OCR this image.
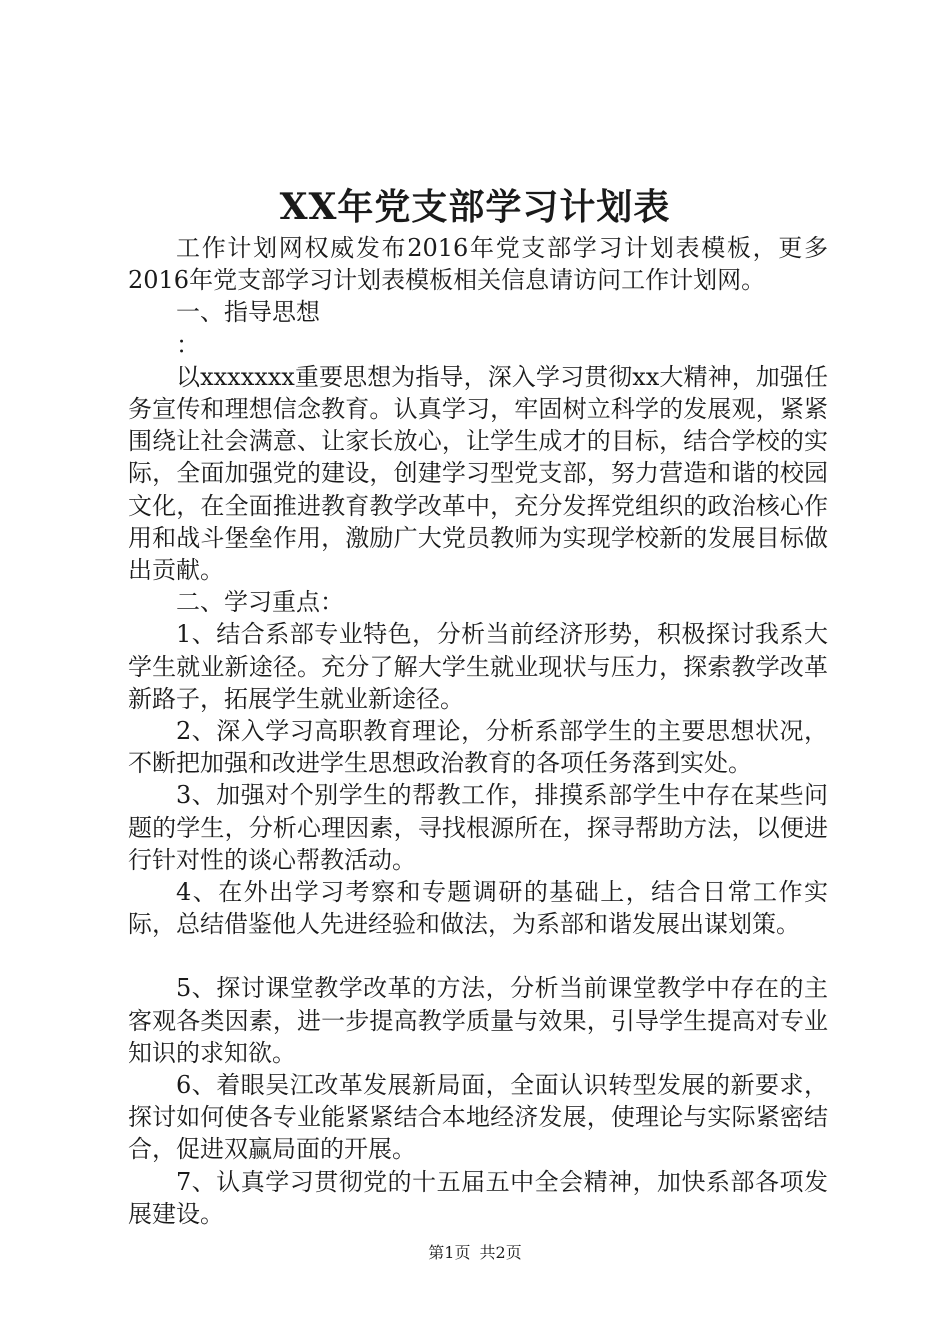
XX年党支部学习计划表

工作计划网权威发布2016年党支部学习计划表模板，更多2016年党支部学习计划表模板相关信息请访问工作计划网。

一、指导思想

：

以xxxxxxx重要思想为指导，深入学习贯彻xx大精神，加强任务宣传和理想信念教育。认真学习，牢固树立科学的发展观，紧紧围绕让社会满意、让家长放心，让学生成才的目标，结合学校的实际，全面加强党的建设，创建学习型党支部，努力营造和谐的校园文化，在全面推进教育教学改革中，充分发挥党组织的政治核心作用和战斗堡垒作用，激励广大党员教师为实现学校新的发展目标做出贡献。

二、学习重点：

1、结合系部专业特色，分析当前经济形势，积极探讨我系大学生就业新途径。充分了解大学生就业现状与压力，探索教学改革新路子，拓展学生就业新途径。

2、深入学习高职教育理论，分析系部学生的主要思想状况，不断把加强和改进学生思想政治教育的各项任务落到实处。

3、加强对个别学生的帮教工作，排摸系部学生中存在某些问题的学生，分析心理因素，寻找根源所在，探寻帮助方法，以便进行针对性的谈心帮教活动。

4、在外出学习考察和专题调研的基础上，结合日常工作实际，总结借鉴他人先进经验和做法，为系部和谐发展出谋划策。

5、探讨课堂教学改革的方法，分析当前课堂教学中存在的主客观各类因素，进一步提高教学质量与效果，引导学生提高对专业知识的求知欲。

6、着眼吴江改革发展新局面，全面认识转型发展的新要求，探讨如何使各专业能紧紧结合本地经济发展，使理论与实际紧密结合，促进双赢局面的开展。

7、认真学习贯彻党的十五届五中全会精神，加快系部各项发展建设。

第1页 共2页
